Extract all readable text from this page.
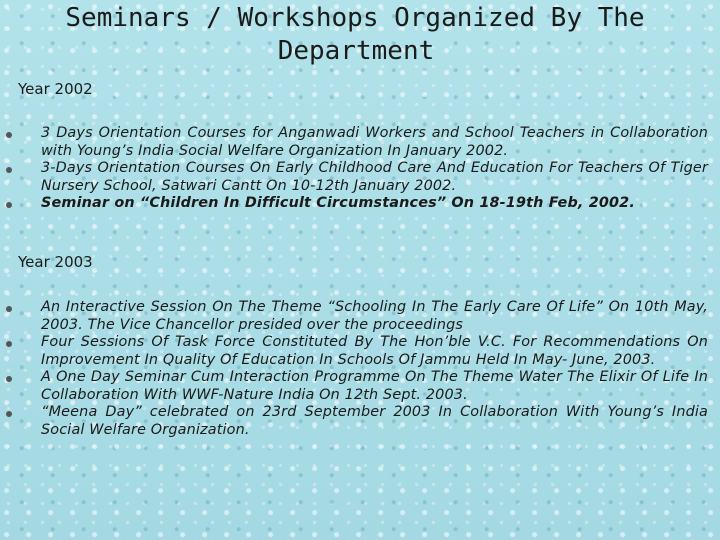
Seminars / Workshops Organized By The
Department

Year 2002

3 Days Orientation Courses for Anganwadi Workers and School Teachers in Collaboration with Young’s India Social Welfare Organization In January 2002.
3-Days Orientation Courses On Early Childhood Care And Education For Teachers Of Tiger Nursery School, Satwari Cantt On 10-12th January 2002.
Seminar on “Children In Difficult Circumstances” On 18-19th Feb, 2002.

Year 2003

An Interactive Session On The Theme “Schooling In The Early Care Of Life” On 10th May, 2003. The Vice Chancellor presided over the proceedings
Four Sessions Of Task Force Constituted By The Hon’ble V.C. For Recommendations On Improvement In Quality Of Education In Schools Of Jammu Held In May- June, 2003.
A One Day Seminar Cum Interaction Programme On The Theme Water The Elixir Of Life In Collaboration With WWF-Nature India On 12th Sept. 2003.
“Meena Day” celebrated on 23rd September 2003 In Collaboration With Young’s India Social Welfare Organization.
